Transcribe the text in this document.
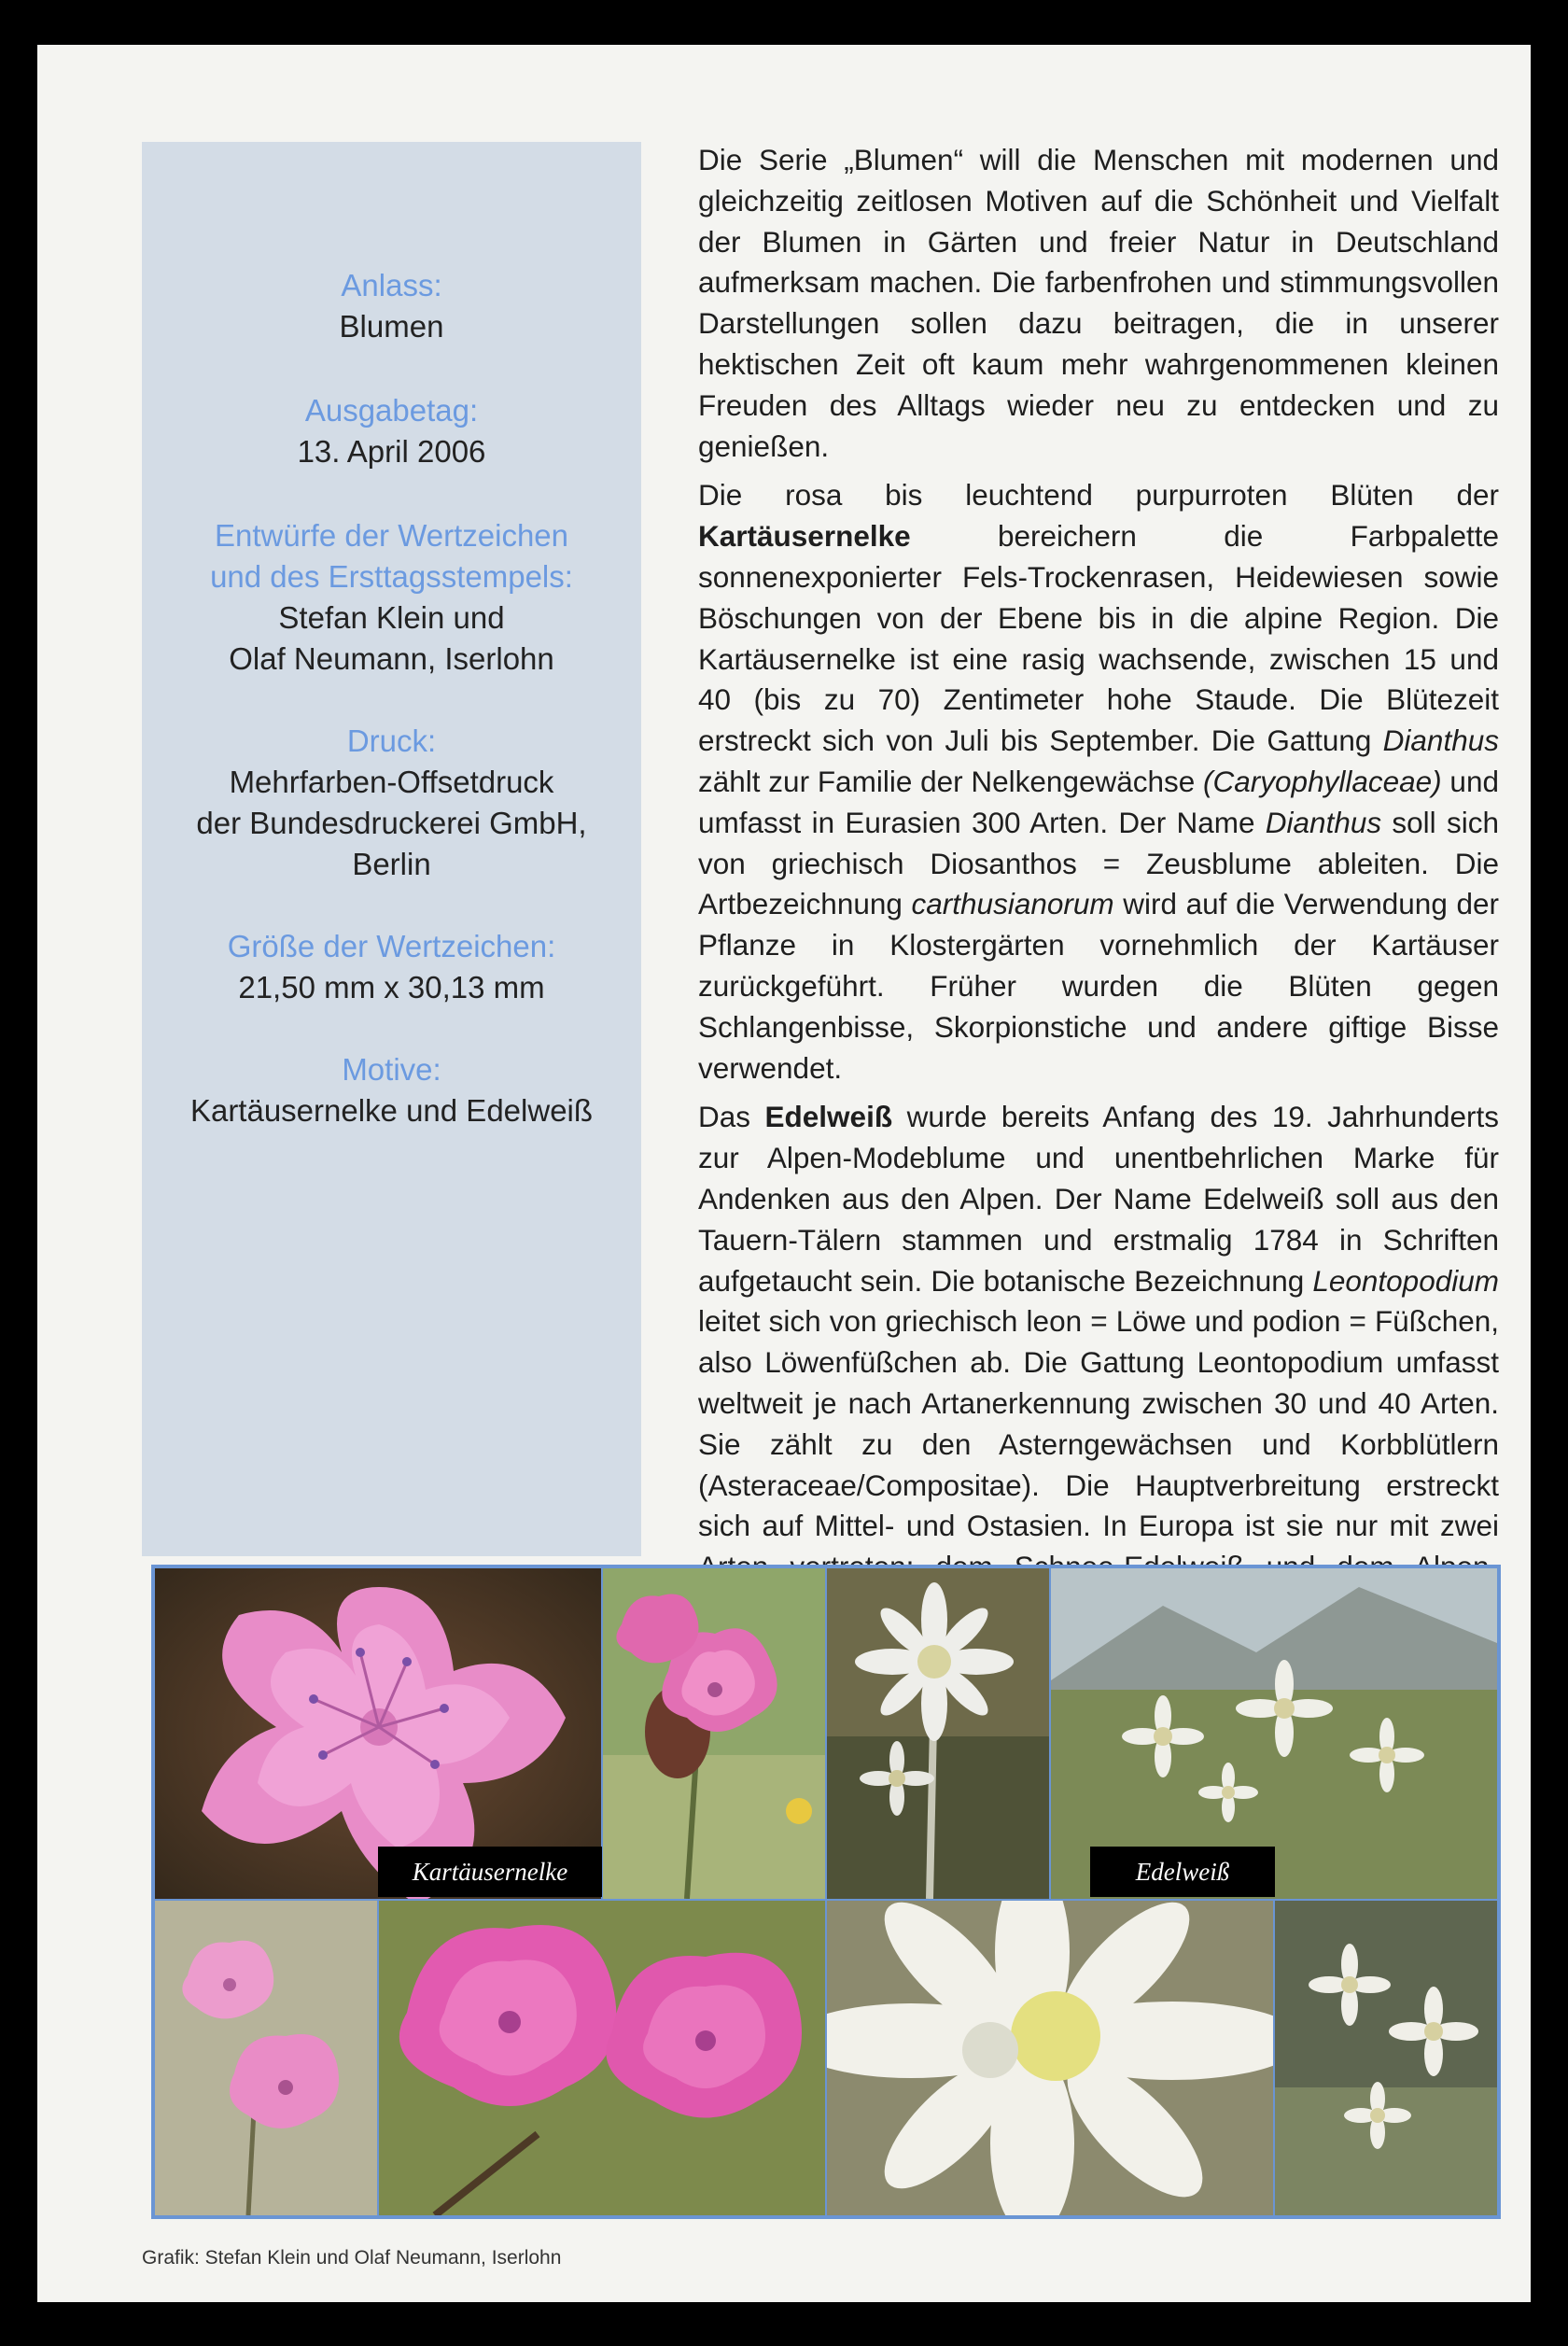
Anlass:
Blumen
Ausgabetag:
13. April 2006
Entwürfe der Wertzeichen
und des Ersttagsstempels:
Stefan Klein und
Olaf Neumann, Iserlohn
Druck:
Mehrfarben-Offsetdruck
der Bundesdruckerei GmbH,
Berlin
Größe der Wertzeichen:
21,50 mm x 30,13 mm
Motive:
Kartäusernelke und Edelweiß

Die Serie „Blumen“ will die Menschen mit modernen und gleichzeitig zeitlosen Motiven auf die Schönheit und Vielfalt der Blumen in Gärten und freier Natur in Deutschland aufmerksam machen. Die farbenfrohen und stimmungsvollen Darstellungen sollen dazu beitragen, die in unserer hektischen Zeit oft kaum mehr wahrgenommenen kleinen Freuden des Alltags wieder neu zu entdecken und zu genießen.

Die rosa bis leuchtend purpurroten Blüten der Kartäusernelke bereichern die Farbpalette sonnenexponierter Fels-Trockenrasen, Heidewiesen sowie Böschungen von der Ebene bis in die alpine Region. Die Kartäusernelke ist eine rasig wachsende, zwischen 15 und 40 (bis zu 70) Zentimeter hohe Staude. Die Blütezeit erstreckt sich von Juli bis September. Die Gattung Dianthus zählt zur Familie der Nelkengewächse (Caryophyllaceae) und umfasst in Eurasien 300 Arten. Der Name Dianthus soll sich von griechisch Diosanthos = Zeusblume ableiten. Die Artbezeichnung carthusianorum wird auf die Verwendung der Pflanze in Klostergärten vornehmlich der Kartäuser zurückgeführt. Früher wurden die Blüten gegen Schlangenbisse, Skorpionstiche und andere giftige Bisse verwendet.

Das Edelweiß wurde bereits Anfang des 19. Jahrhunderts zur Alpen-Modeblume und unentbehrlichen Marke für Andenken aus den Alpen. Der Name Edelweiß soll aus den Tauern-Tälern stammen und erstmalig 1784 in Schriften aufgetaucht sein. Die botanische Bezeichnung Leontopodium leitet sich von griechisch leon = Löwe und podion = Füßchen, also Löwenfüßchen ab. Die Gattung Leontopodium umfasst weltweit je nach Artanerkennung zwischen 30 und 40 Arten. Sie zählt zu den Asterngewächsen und Korbblütlern (Asteraceae/Compositae). Die Hauptverbreitung erstreckt sich auf Mittel- und Ostasien. In Europa ist sie nur mit zwei

Kartäusernelke	Edelweiß
Grafik: Stefan Klein und Olaf Neumann, Iserlohn
